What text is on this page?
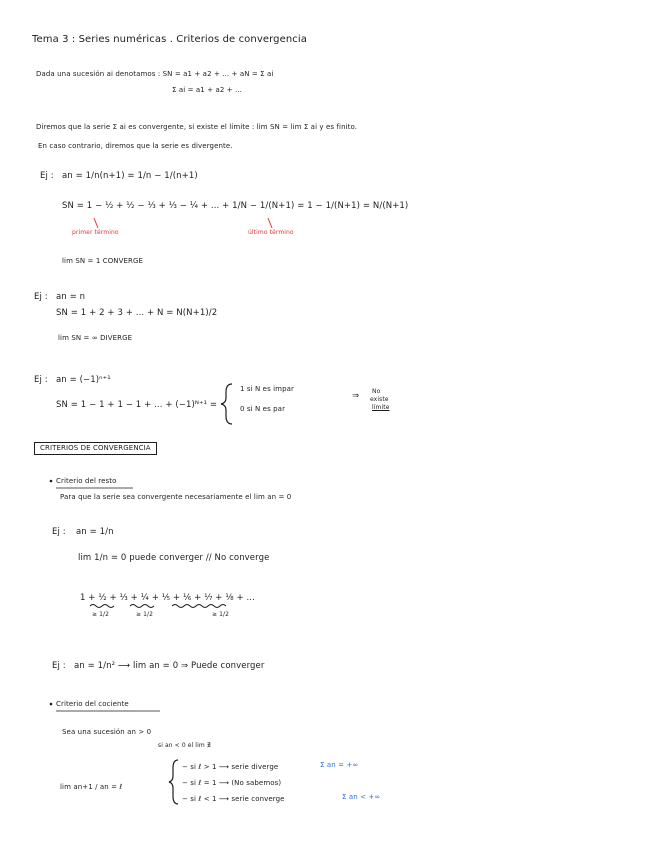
Tema 3 : Series numéricas . Criterios de convergencia
Dada una sucesión ai denotamos : SN = a1 + a2 + ... + aN = Σ ai
Σ ai = a1 + a2 + ...
Diremos que la serie Σ ai es convergente, si existe el límite : lim SN = lim Σ ai y es finito.
En caso contrario, diremos que la serie es divergente.
Ej : an = 1/n(n+1) = 1/n − 1/(n+1)
SN = 1 − ½ + ½ − ⅓ + ⅓ − ¼ + ... + 1/N − 1/(N+1) = 1 − 1/(N+1) = N/(N+1)
primer término	último término
lim SN = 1 CONVERGE
Ej : an = n
SN = 1 + 2 + 3 + ... + N = N(N+1)/2
lim SN = ∞ DIVERGE
Ej : an = (−1)ⁿ⁺¹
SN = 1 − 1 + 1 − 1 + ... + (−1)ᴺ⁺¹ =
1 si N es impar
0 si N es par
⇒ No
existe
límite
CRITERIOS DE CONVERGENCIA
Criterio del resto
Para que la serie sea convergente necesariamente el lim an = 0
Ej : an = 1/n
lim 1/n = 0 puede converger // No converge
1 + ½ + ⅓ + ¼ + ⅕ + ⅙ + ⅐ + ⅛ + ...
≥ 1/2	≥ 1/2	≥ 1/2
Ej : an = 1/n² ⟶ lim an = 0 ⇒ Puede converger
Criterio del cociente
Sea una sucesión an > 0
si an < 0 el lim ∄
lim an+1 / an = ℓ
− si ℓ > 1 ⟶ serie diverge	Σ an = +∞
− si ℓ = 1 ⟶ (No sabemos)
− si ℓ < 1 ⟶ serie converge	Σ an < +∞
